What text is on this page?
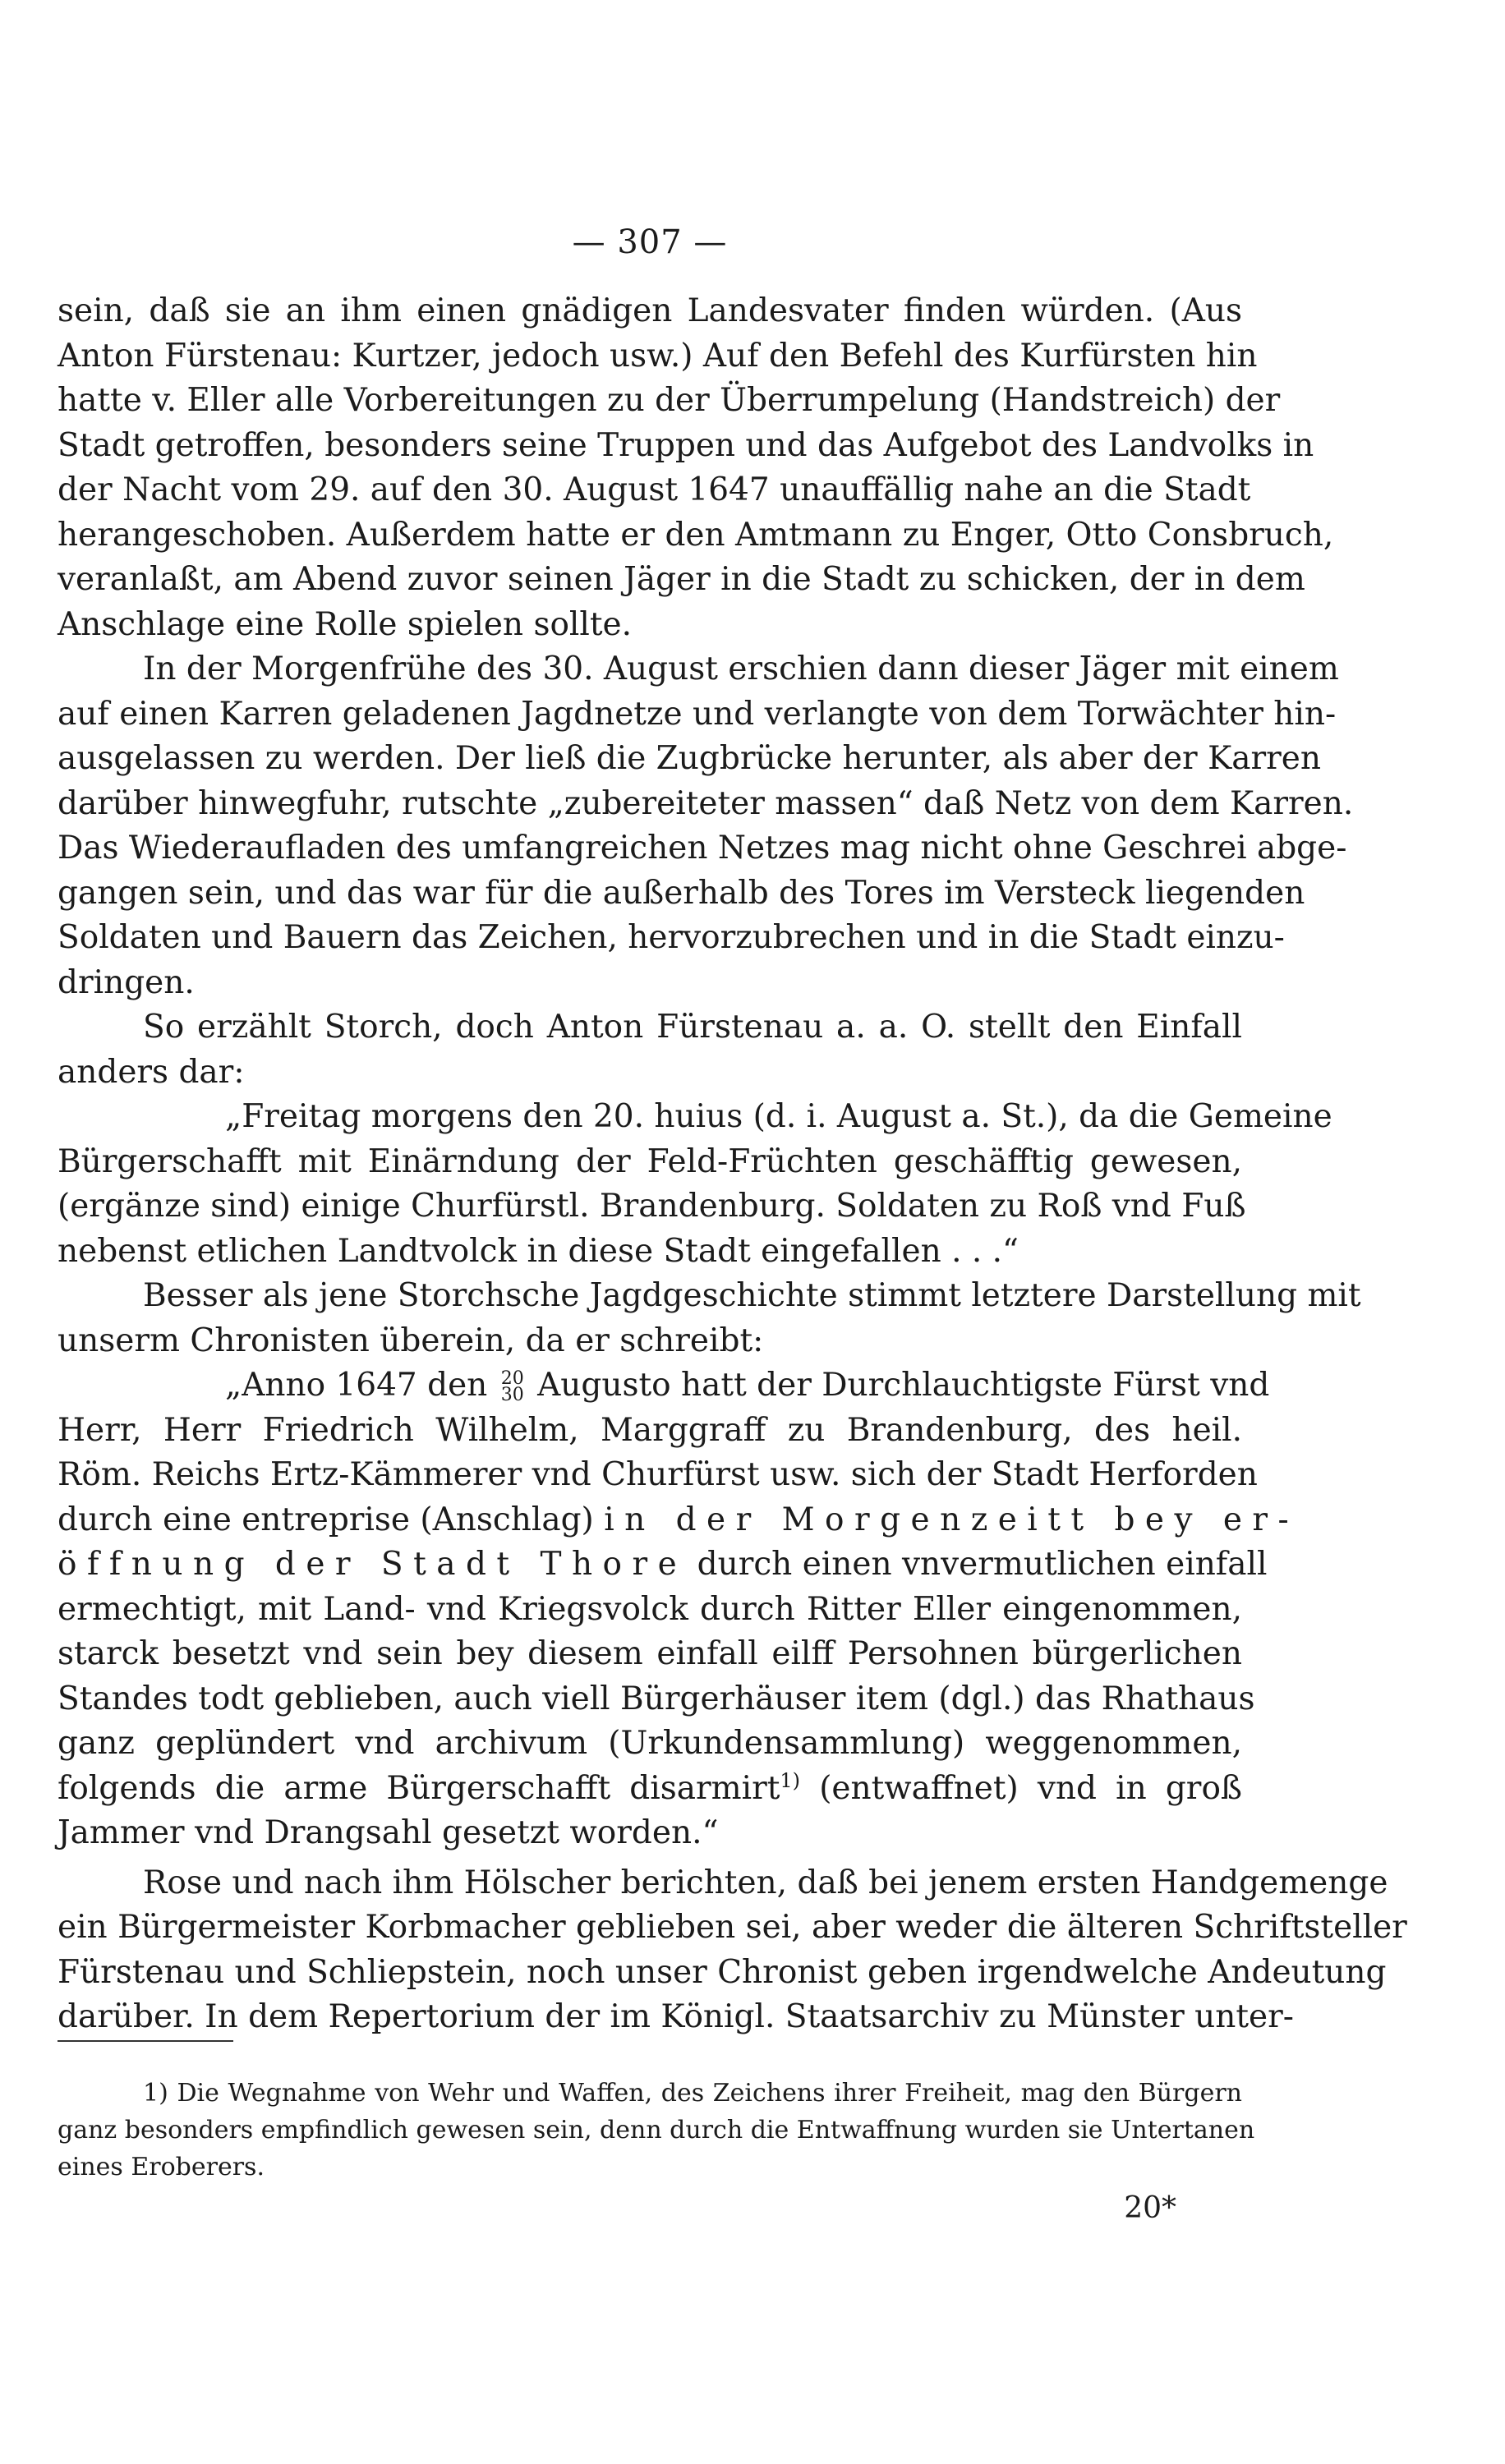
— 307 —
sein, daß sie an ihm einen gnädigen Landesvater finden würden. (Aus
Anton Fürstenau: Kurtzer, jedoch usw.) Auf den Befehl des Kurfürsten hin
hatte v. Eller alle Vorbereitungen zu der Überrumpelung (Handstreich) der
Stadt getroffen, besonders seine Truppen und das Aufgebot des Landvolks in
der Nacht vom 29. auf den 30. August 1647 unauffällig nahe an die Stadt
herangeschoben. Außerdem hatte er den Amtmann zu Enger, Otto Consbruch,
veranlaßt, am Abend zuvor seinen Jäger in die Stadt zu schicken, der in dem
Anschlage eine Rolle spielen sollte.
In der Morgenfrühe des 30. August erschien dann dieser Jäger mit einem
auf einen Karren geladenen Jagdnetze und verlangte von dem Torwächter hin-
ausgelassen zu werden. Der ließ die Zugbrücke herunter, als aber der Karren
darüber hinwegfuhr, rutschte „zubereiteter massen“ daß Netz von dem Karren.
Das Wiederaufladen des umfangreichen Netzes mag nicht ohne Geschrei abge-
gangen sein, und das war für die außerhalb des Tores im Versteck liegenden
Soldaten und Bauern das Zeichen, hervorzubrechen und in die Stadt einzu-
dringen.
So erzählt Storch, doch Anton Fürstenau a. a. O. stellt den Einfall
anders dar:
„Freitag morgens den 20. huius (d. i. August a. St.), da die Gemeine
Bürgerschafft mit Einärndung der Feld-Früchten geschäfftig gewesen,
(ergänze sind) einige Churfürstl. Brandenburg. Soldaten zu Roß vnd Fuß
nebenst etlichen Landtvolck in diese Stadt eingefallen . . .“
Besser als jene Storchsche Jagdgeschichte stimmt letztere Darstellung mit
unserm Chronisten überein, da er schreibt:
„Anno 1647 den 20
30 Augusto hatt der Durchlauchtigste Fürst vnd
Herr, Herr Friedrich Wilhelm, Marggraff zu Brandenburg, des heil.
Röm. Reichs Ertz-Kämmerer vnd Churfürst usw. sich der Stadt Herforden
durch eine entreprise (Anschlag) in der Morgenzeitt bey er-
öffnung der Stadt Thore durch einen vnvermutlichen einfall
ermechtigt, mit Land- vnd Kriegsvolck durch Ritter Eller eingenommen,
starck besetzt vnd sein bey diesem einfall eilff Persohnen bürgerlichen
Standes todt geblieben, auch viell Bürgerhäuser item (dgl.) das Rhathaus
ganz geplündert vnd archivum (Urkundensammlung) weggenommen,
folgends die arme Bürgerschafft disarmirt$^{1)}$ (entwaffnet) vnd in groß
Jammer vnd Drangsahl gesetzt worden.“
Rose und nach ihm Hölscher berichten, daß bei jenem ersten Handgemenge
ein Bürgermeister Korbmacher geblieben sei, aber weder die älteren Schriftsteller
Fürstenau und Schliepstein, noch unser Chronist geben irgendwelche Andeutung
darüber. In dem Repertorium der im Königl. Staatsarchiv zu Münster unter-
1) Die Wegnahme von Wehr und Waffen, des Zeichens ihrer Freiheit, mag den Bürgern
ganz besonders empfindlich gewesen sein, denn durch die Entwaffnung wurden sie Untertanen
eines Eroberers.
20*
